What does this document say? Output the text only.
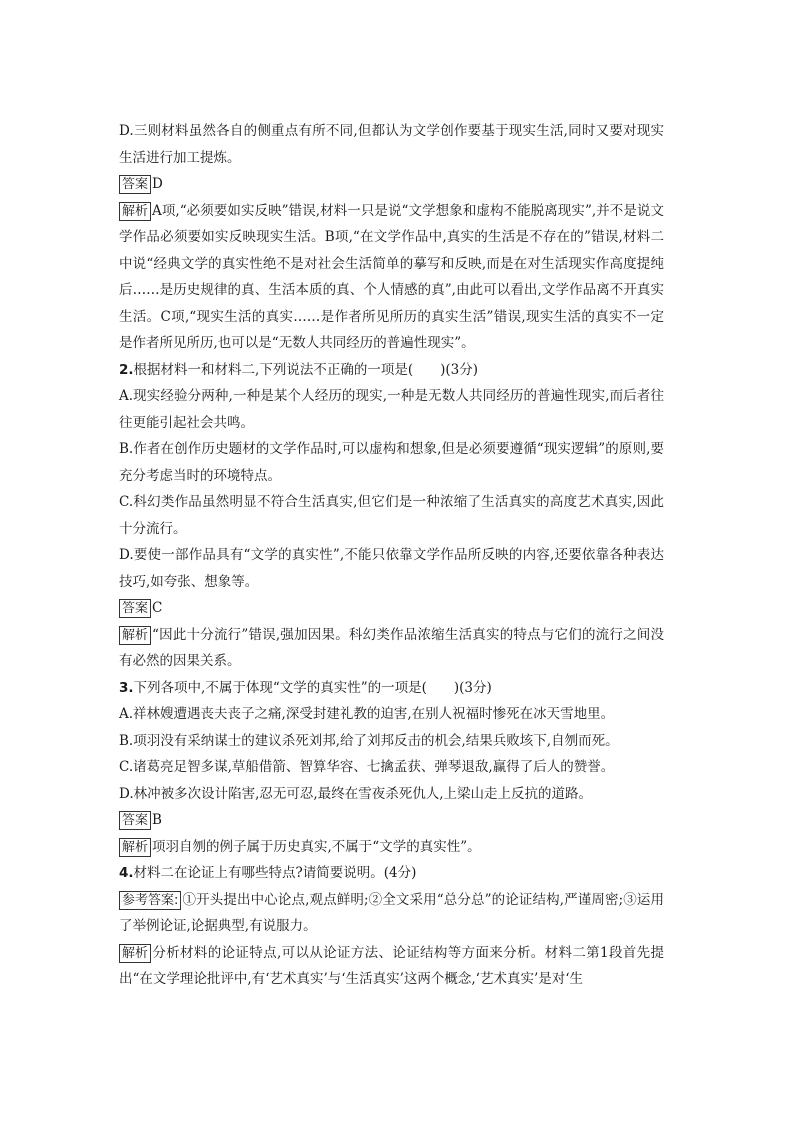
D.三则材料虽然各自的侧重点有所不同,但都认为文学创作要基于现实生活,同时又要对现实生活进行加工提炼。

答案 D

解析 A项,“必须要如实反映”错误,材料一只是说“文学想象和虚构不能脱离现实”,并不是说文学作品必须要如实反映现实生活。B项,“在文学作品中,真实的生活是不存在的”错误,材料二中说“经典文学的真实性绝不是对社会生活简单的摹写和反映,而是在对生活现实作高度提纯后……是历史规律的真、生活本质的真、个人情感的真”,由此可以看出,文学作品离不开真实生活。C项,“现实生活的真实……是作者所见所历的真实生活”错误,现实生活的真实不一定是作者所见所历,也可以是“无数人共同经历的普遍性现实”。

2.根据材料一和材料二,下列说法不正确的一项是(　　)(3分)

A.现实经验分两种,一种是某个人经历的现实,一种是无数人共同经历的普遍性现实,而后者往往更能引起社会共鸣。

B.作者在创作历史题材的文学作品时,可以虚构和想象,但是必须要遵循“现实逻辑”的原则,要充分考虑当时的环境特点。

C.科幻类作品虽然明显不符合生活真实,但它们是一种浓缩了生活真实的高度艺术真实,因此十分流行。

D.要使一部作品具有“文学的真实性”,不能只依靠文学作品所反映的内容,还要依靠各种表达技巧,如夸张、想象等。

答案 C

解析 “因此十分流行”错误,强加因果。科幻类作品浓缩生活真实的特点与它们的流行之间没有必然的因果关系。

3.下列各项中,不属于体现“文学的真实性”的一项是(　　)(3分)

A.祥林嫂遭遇丧夫丧子之痛,深受封建礼教的迫害,在别人祝福时惨死在冰天雪地里。

B.项羽没有采纳谋士的建议杀死刘邦,给了刘邦反击的机会,结果兵败垓下,自刎而死。

C.诸葛亮足智多谋,草船借箭、智算华容、七擒孟获、弹琴退敌,赢得了后人的赞誉。

D.林冲被多次设计陷害,忍无可忍,最终在雪夜杀死仇人,上梁山走上反抗的道路。

答案 B

解析 项羽自刎的例子属于历史真实,不属于“文学的真实性”。

4.材料二在论证上有哪些特点?请简要说明。(4分)

参考答案: ①开头提出中心论点,观点鲜明;②全文采用“总分总”的论证结构,严谨周密;③运用了举例论证,论据典型,有说服力。

解析 分析材料的论证特点,可以从论证方法、论证结构等方面来分析。材料二第1段首先提出“在文学理论批评中,有‘艺术真实’与‘生活真实’这两个概念,‘艺术真实’是对‘生
